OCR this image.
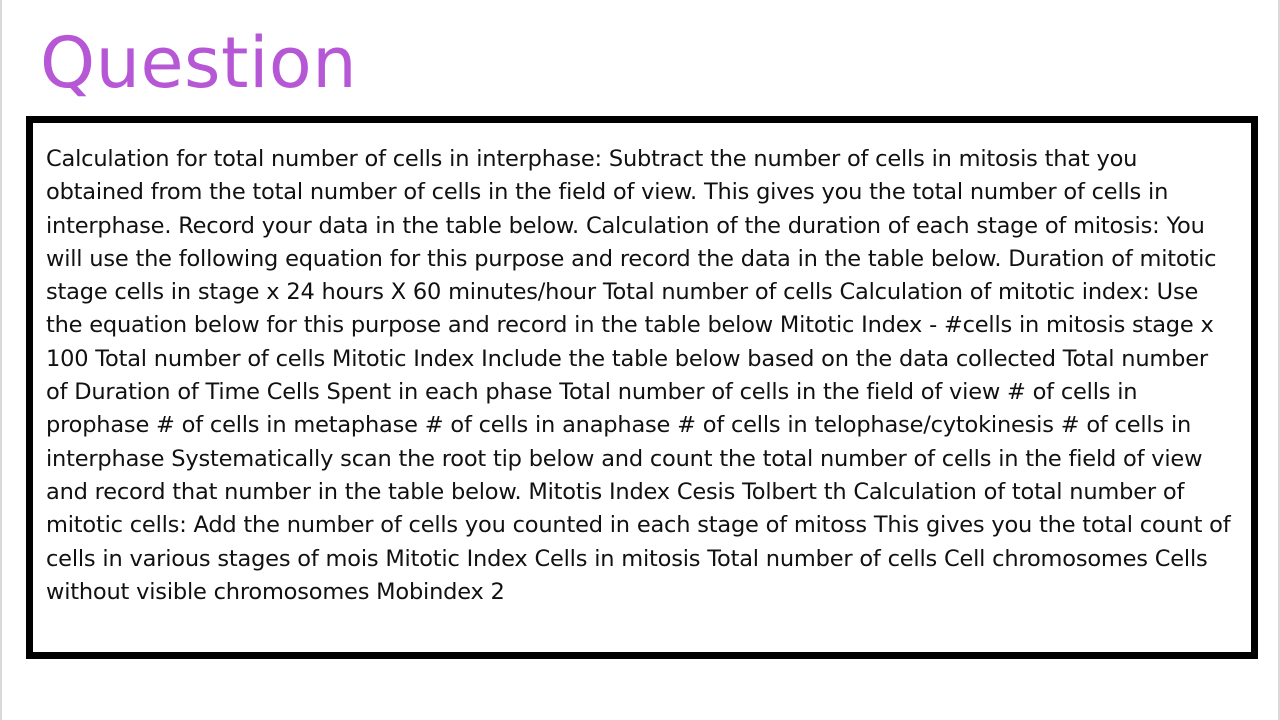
Question

Calculation for total number of cells in interphase: Subtract the number of cells in mitosis that you obtained from the total number of cells in the field of view. This gives you the total number of cells in interphase. Record your data in the table below. Calculation of the duration of each stage of mitosis: You will use the following equation for this purpose and record the data in the table below. Duration of mitotic stage cells in stage x 24 hours X 60 minutes/hour Total number of cells Calculation of mitotic index: Use the equation below for this purpose and record in the table below Mitotic Index - #cells in mitosis stage x 100 Total number of cells Mitotic Index Include the table below based on the data collected Total number of Duration of Time Cells Spent in each phase Total number of cells in the field of view # of cells in prophase # of cells in metaphase # of cells in anaphase # of cells in telophase/cytokinesis # of cells in interphase Systematically scan the root tip below and count the total number of cells in the field of view and record that number in the table below. Mitotis Index Cesis Tolbert th Calculation of total number of mitotic cells: Add the number of cells you counted in each stage of mitoss This gives you the total count of cells in various stages of mois Mitotic Index Cells in mitosis Total number of cells Cell chromosomes Cells without visible chromosomes Mobindex 2
